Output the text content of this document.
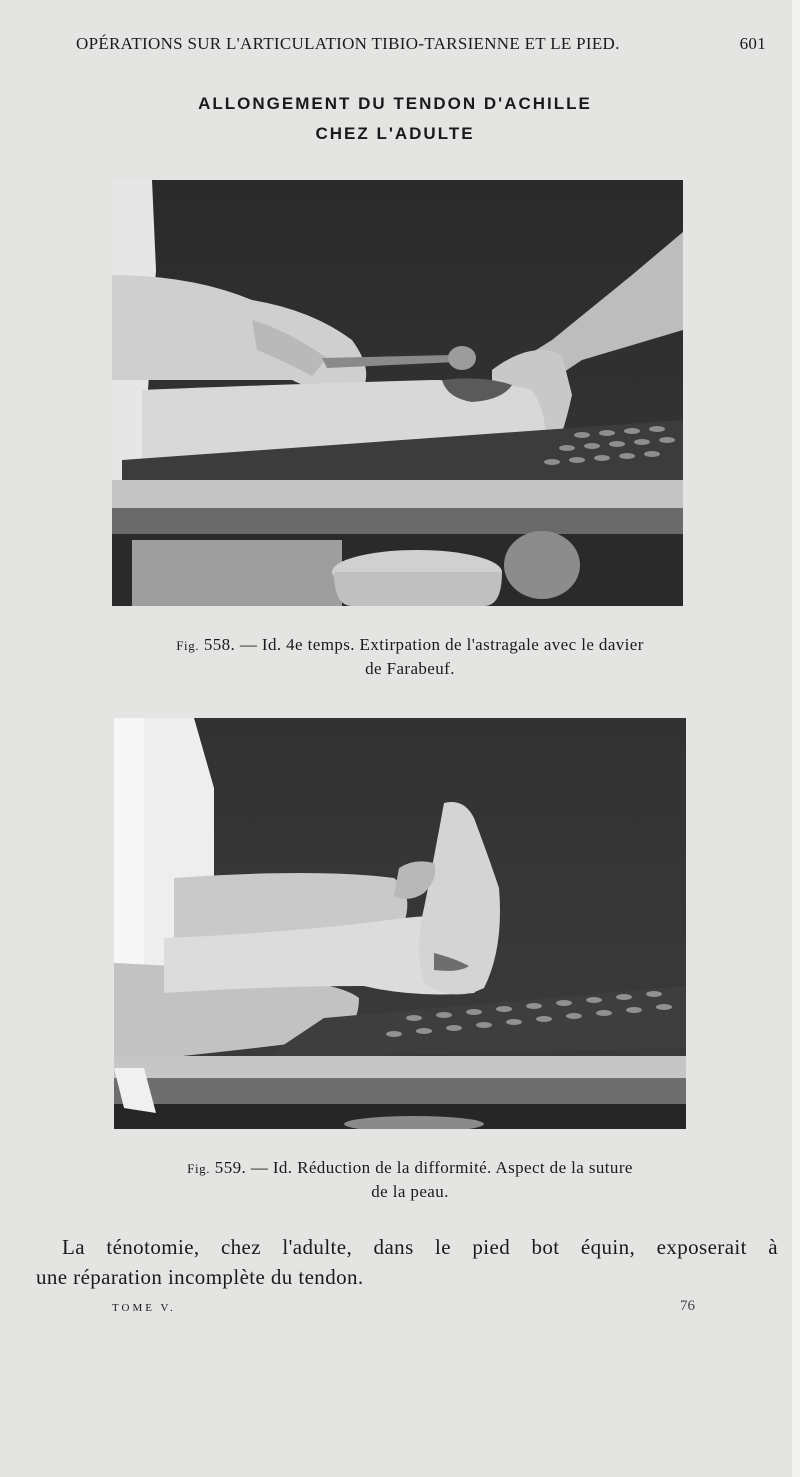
OPÉRATIONS SUR L'ARTICULATION TIBIO-TARSIENNE ET LE PIED.	601
ALLONGEMENT DU TENDON D'ACHILLE
CHEZ L'ADULTE
Fig. 558. — Id. 4e temps. Extirpation de l'astragale avec le davier
de Farabeuf.
Fig. 559. — Id. Réduction de la difformité. Aspect de la suture
de la peau.
La ténotomie, chez l'adulte, dans le pied bot équin, exposerait à
une réparation incomplète du tendon.
TOME V.	76
